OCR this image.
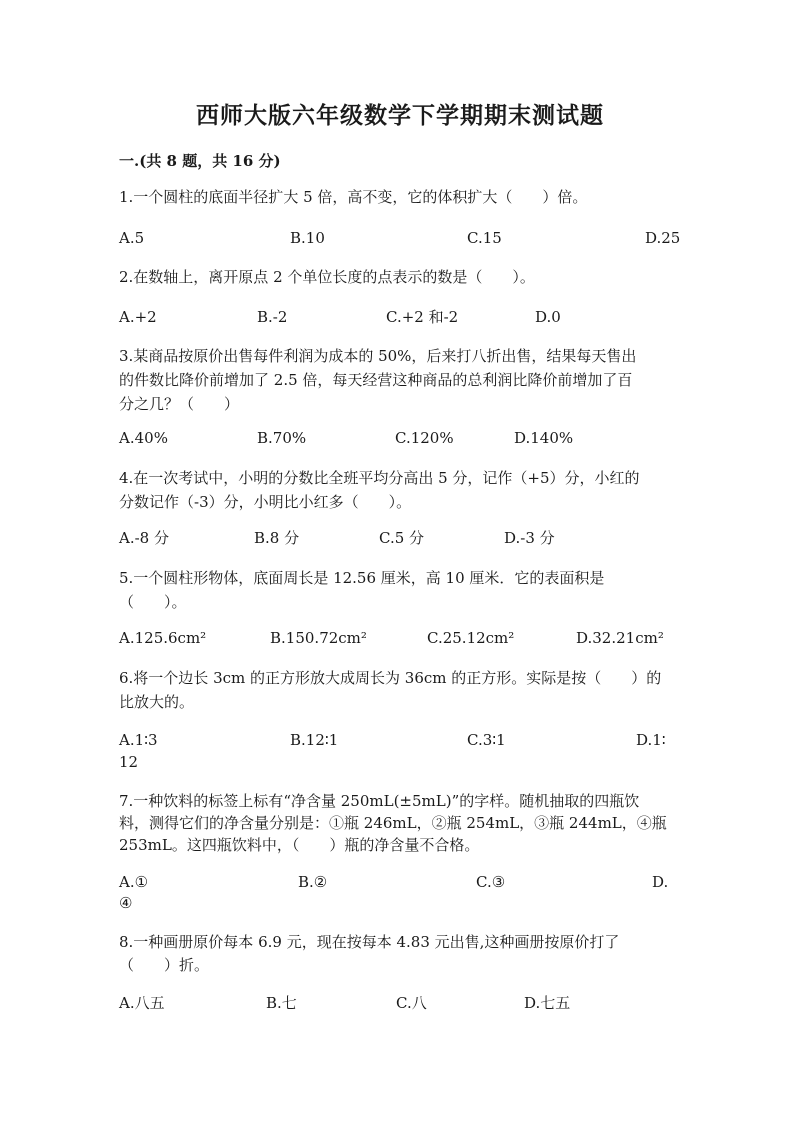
西师大版六年级数学下学期期末测试题
一.(共 8 题，共 16 分)
1.一个圆柱的底面半径扩大 5 倍，高不变，它的体积扩大（　　）倍。
A.5	B.10	C.15	D.25
2.在数轴上，离开原点 2 个单位长度的点表示的数是（　　）。
A.+2	B.-2	C.+2 和-2	D.0
3.某商品按原价出售每件利润为成本的 50%，后来打八折出售，结果每天售出
的件数比降价前增加了 2.5 倍，每天经营这种商品的总利润比降价前增加了百
分之几？（　　）
A.40%	B.70%	C.120%	D.140%
4.在一次考试中，小明的分数比全班平均分高出 5 分，记作（+5）分，小红的
分数记作（-3）分，小明比小红多（　　）。
A.-8 分	B.8 分	C.5 分	D.-3 分
5.一个圆柱形物体，底面周长是 12.56 厘米，高 10 厘米．它的表面积是
（　　）。
A.125.6cm²	B.150.72cm²	C.25.12cm²	D.32.21cm²
6.将一个边长 3cm 的正方形放大成周长为 36cm 的正方形。实际是按（　　）的
比放大的。
A.1∶3	B.12∶1	C.3∶1	D.1∶
12
7.一种饮料的标签上标有“净含量 250mL(±5mL)”的字样。随机抽取的四瓶饮
料，测得它们的净含量分别是：①瓶 246mL，②瓶 254mL，③瓶 244mL，④瓶
253mL。这四瓶饮料中，（　　）瓶的净含量不合格。
A.①	B.②	C.③	D.
④
8.一种画册原价每本 6.9 元，现在按每本 4.83 元出售,这种画册按原价打了
（　　）折。
A.八五	B.七	C.八	D.七五
